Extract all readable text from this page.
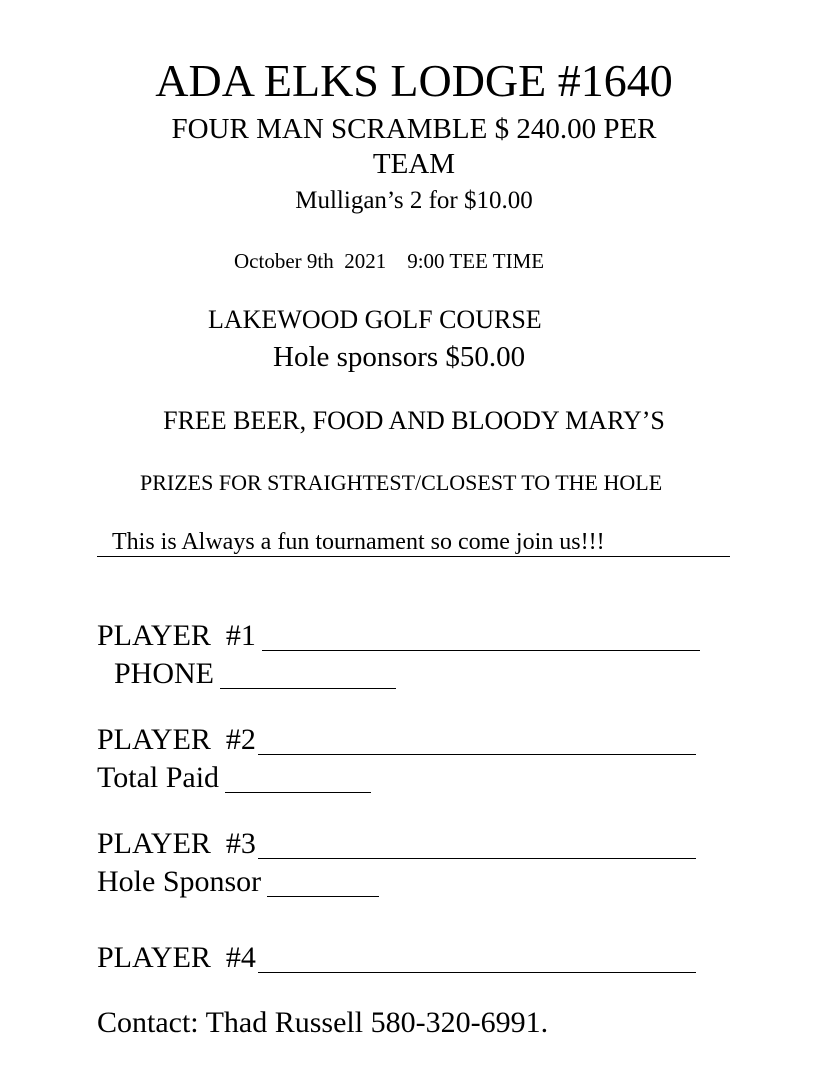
ADA ELKS LODGE #1640
FOUR MAN SCRAMBLE $ 240.00 PER
TEAM
Mulligan’s 2 for $10.00
October 9th  2021    9:00 TEE TIME
LAKEWOOD GOLF COURSE
Hole sponsors $50.00
FREE BEER, FOOD AND BLOODY MARY’S
PRIZES FOR STRAIGHTEST/CLOSEST TO THE HOLE
This is Always a fun tournament so come join us!!!
PLAYER  #1
PHONE
PLAYER  #2
Total Paid
PLAYER  #3
Hole Sponsor
PLAYER  #4
Contact: Thad Russell 580-320-6991.
